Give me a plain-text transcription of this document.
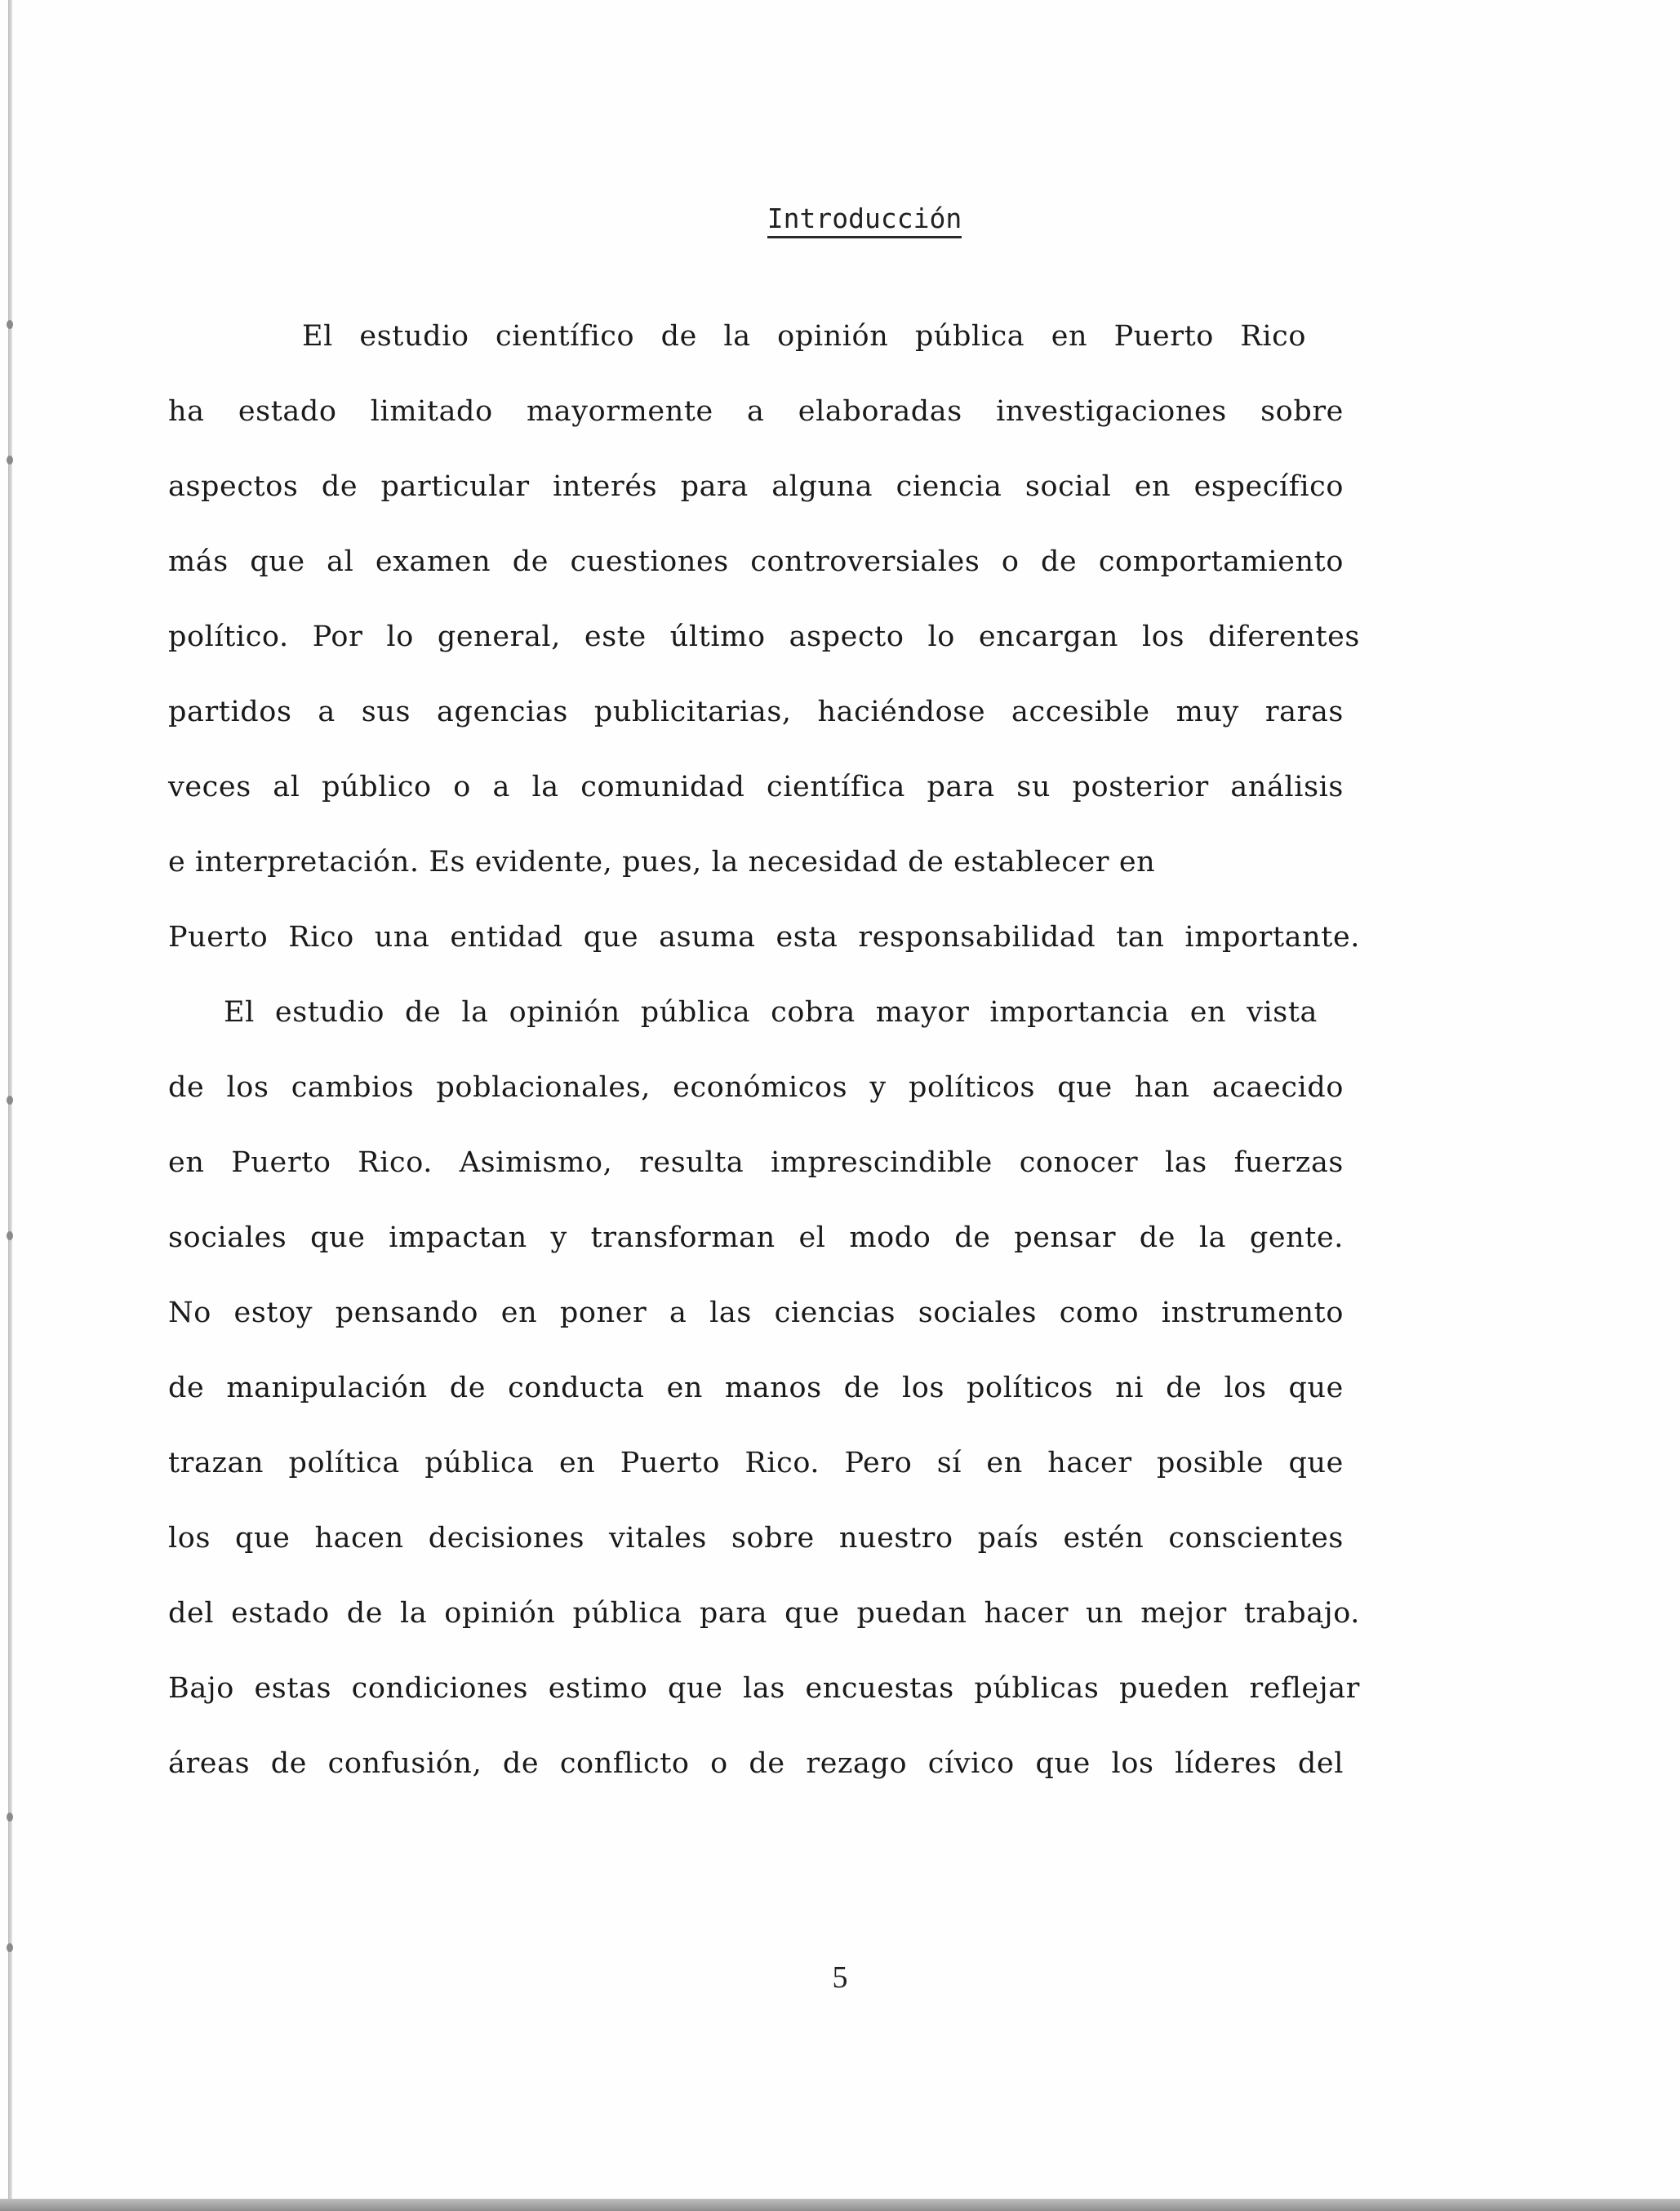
Introducción

El estudio científico de la opinión pública en Puerto Rico

ha estado limitado mayormente a elaboradas investigaciones sobre

aspectos de particular interés para alguna ciencia social en específico

más que al examen de cuestiones controversiales o de comportamiento

político. Por lo general, este último aspecto lo encargan los diferentes

partidos a sus agencias publicitarias, haciéndose accesible muy raras

veces al público o a la comunidad científica para su posterior análisis

e interpretación. Es evidente, pues, la necesidad de establecer en

Puerto Rico una entidad que asuma esta responsabilidad tan importante.

El estudio de la opinión pública cobra mayor importancia en vista

de los cambios poblacionales, económicos y políticos que han acaecido

en Puerto Rico. Asimismo, resulta imprescindible conocer las fuerzas

sociales que impactan y transforman el modo de pensar de la gente.

No estoy pensando en poner a las ciencias sociales como instrumento

de manipulación de conducta en manos de los políticos ni de los que

trazan política pública en Puerto Rico. Pero sí en hacer posible que

los que hacen decisiones vitales sobre nuestro país estén conscientes

del estado de la opinión pública para que puedan hacer un mejor trabajo.

Bajo estas condiciones estimo que las encuestas públicas pueden reflejar

áreas de confusión, de conflicto o de rezago cívico que los líderes del

5
